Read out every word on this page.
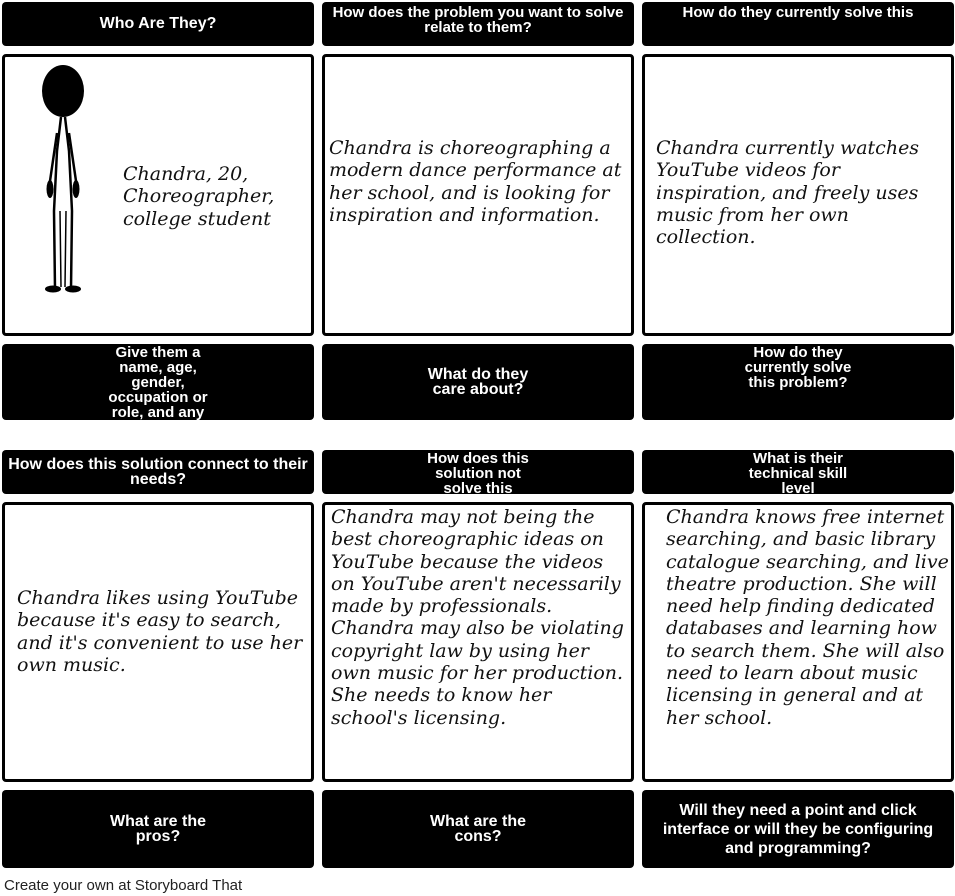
Who Are They?
How does the problem you want to solve relate to them?
How do they currently solve this
Chandra, 20, Choreographer, college student
Chandra is choreographing a modern dance performance at her school, and is looking for inspiration and information.
Chandra currently watches YouTube videos for inspiration, and freely uses music from her own collection.
Give them a name, age, gender, occupation or role, and any demographics
What do they care about?
How do they currently solve this problem?
How does this solution connect to their needs?
How does this solution not solve this
What is their technical skill level
Chandra likes using YouTube because it's easy to search, and it's convenient to use her own music.
Chandra may not being the best choreographic ideas on YouTube because the videos on YouTube aren't necessarily made by professionals. Chandra may also be violating copyright law by using her own music for her production. She needs to know her school's licensing.
Chandra knows free internet searching, and basic library catalogue searching, and live theatre production. She will need help finding dedicated databases and learning how to search them. She will also need to learn about music licensing in general and at her school.
What are the pros?
What are the cons?
Will they need a point and click interface or will they be configuring and programming?
Create your own at Storyboard That
